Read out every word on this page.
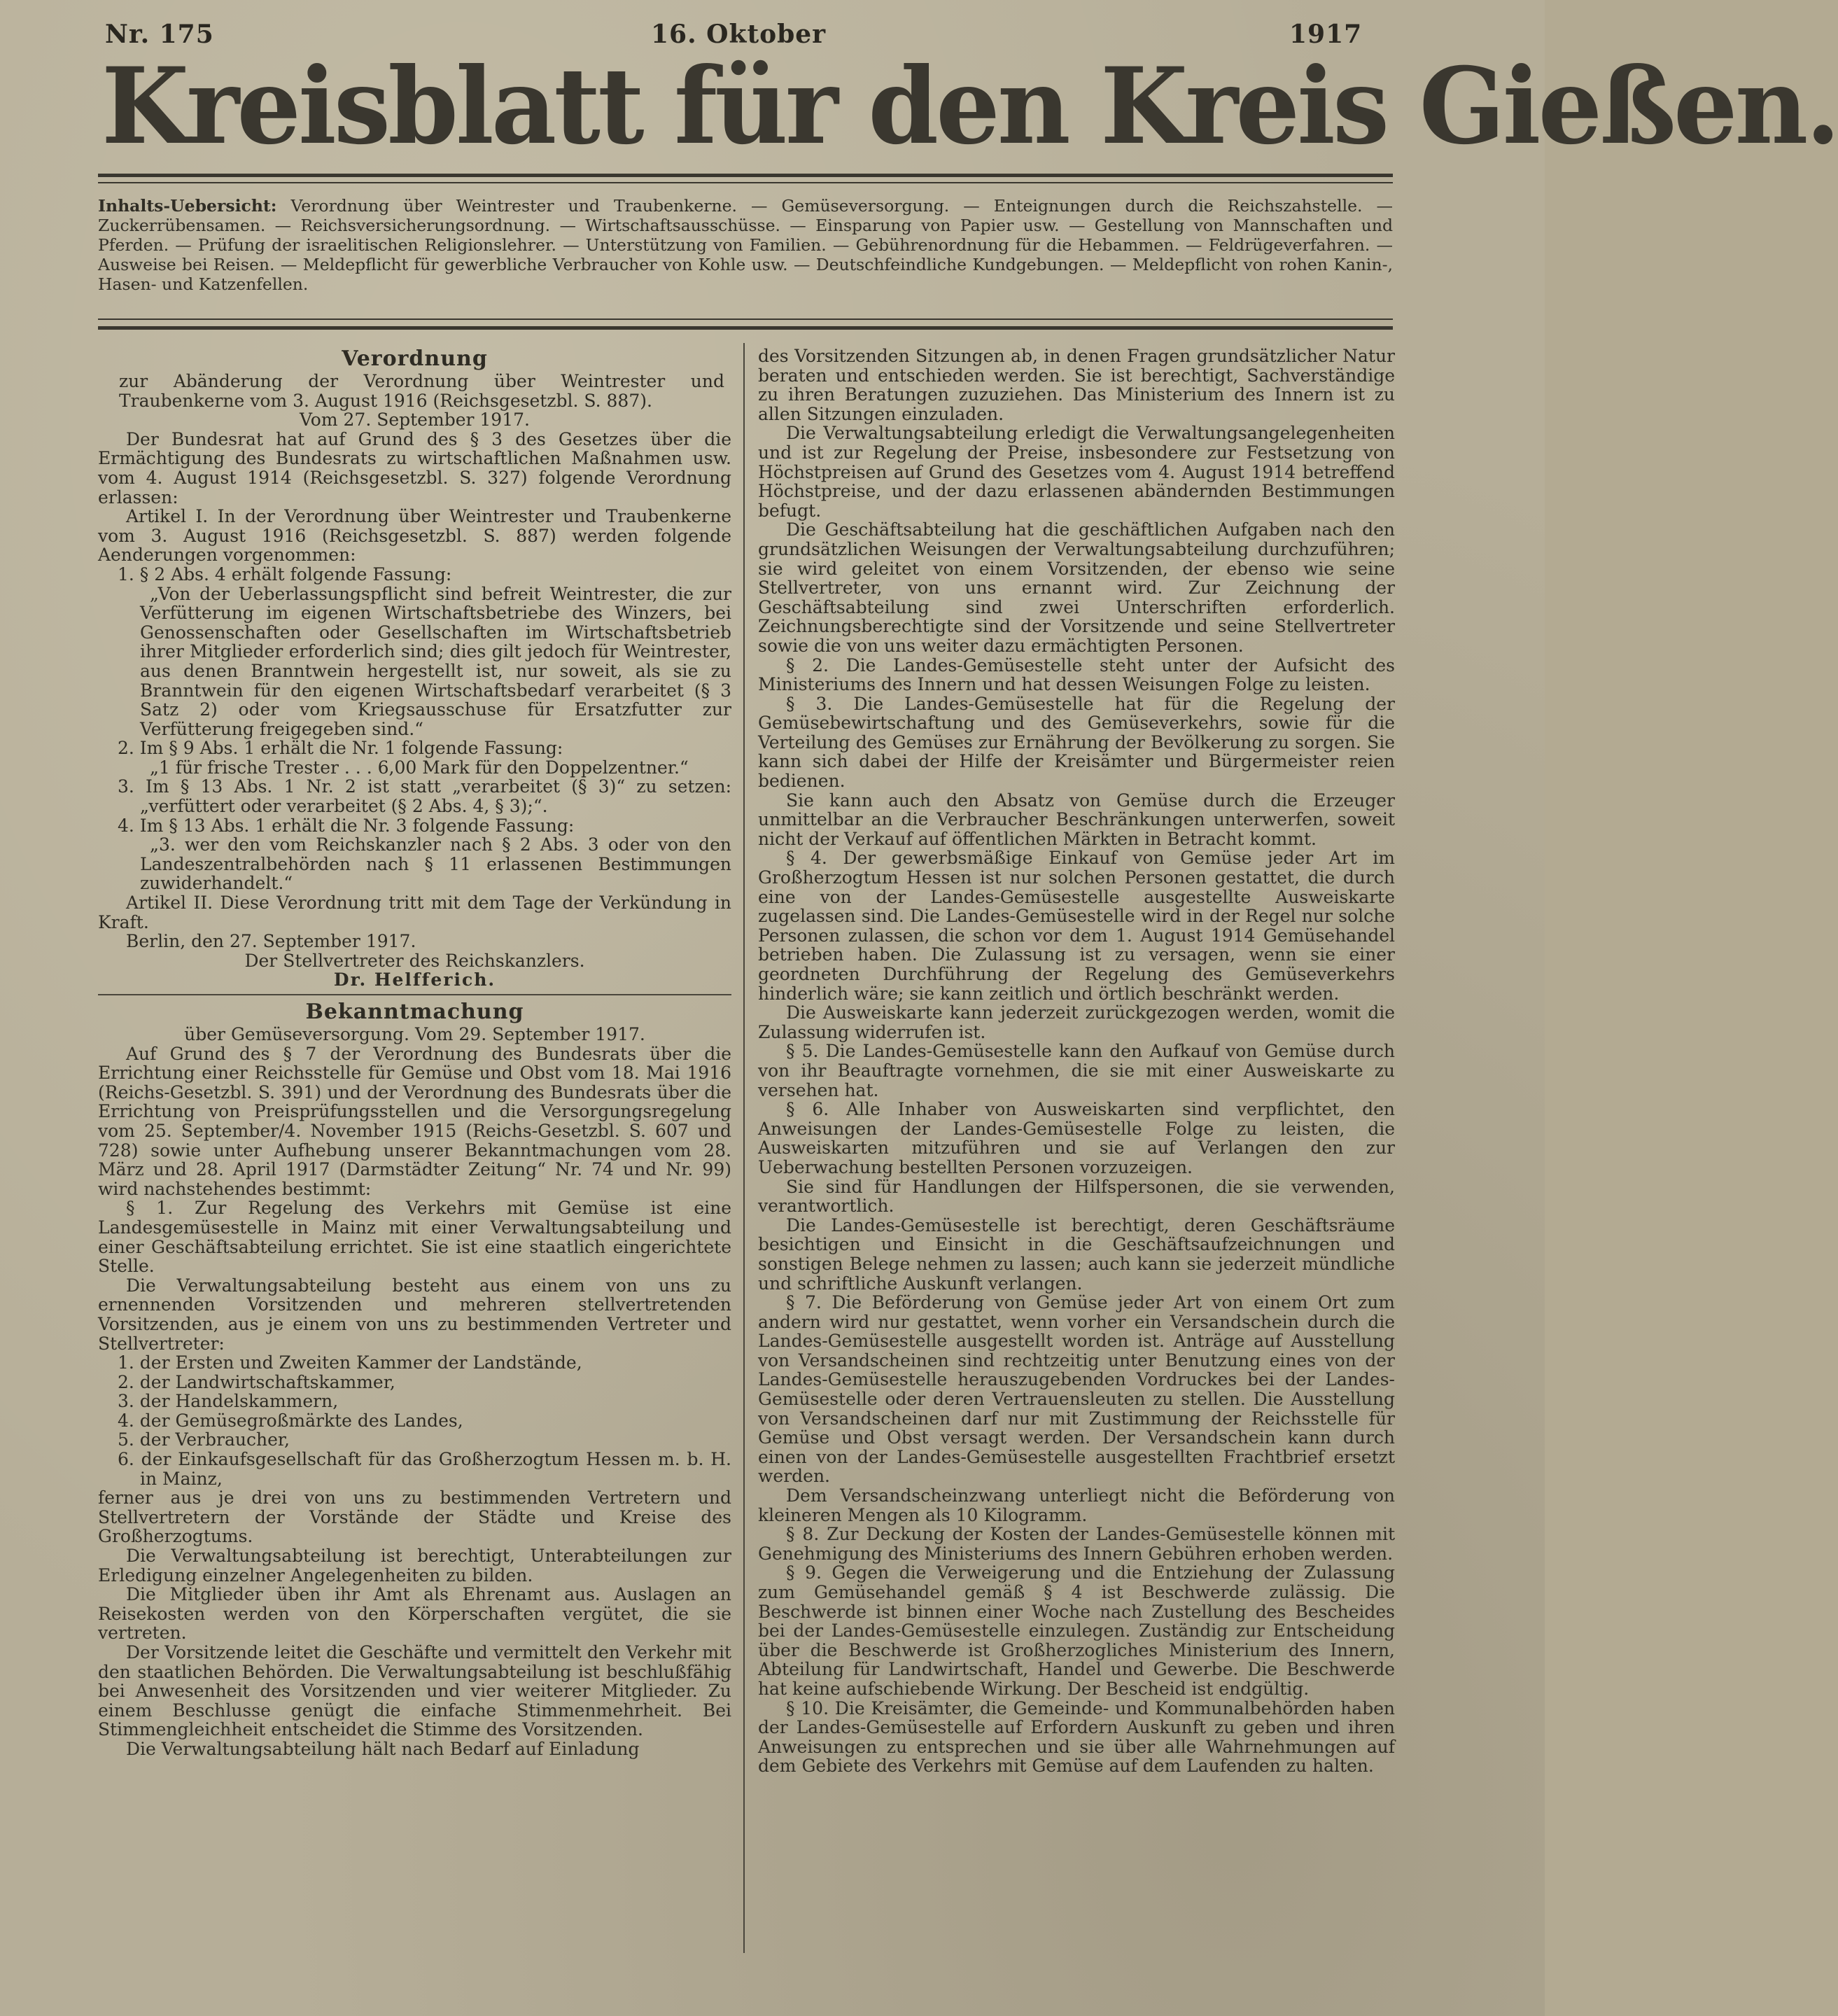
Nr. 175	16. Oktober	1917
Kreisblatt für den Kreis Gießen.
Inhalts-Uebersicht: Verordnung über Weintrester und Traubenkerne. — Gemüseversorgung. — Enteignungen durch die Reichszahstelle. — Zuckerrübensamen. — Reichsversicherungsordnung. — Wirtschaftsausschüsse. — Einsparung von Papier usw. — Gestellung von Mannschaften und Pferden. — Prüfung der israelitischen Religionslehrer. — Unterstützung von Familien. — Gebührenordnung für die Hebammen. — Feldrügeverfahren. — Ausweise bei Reisen. — Meldepflicht für gewerbliche Verbraucher von Kohle usw. — Deutschfeindliche Kundgebungen. — Meldepflicht von rohen Kanin-, Hasen- und Katzenfellen.

Verordnung

zur Abänderung der Verordnung über Weintrester und Traubenkerne vom 3. August 1916 (Reichsgesetzbl. S. 887).

Vom 27. September 1917.

Der Bundesrat hat auf Grund des § 3 des Gesetzes über die Ermächtigung des Bundesrats zu wirtschaftlichen Maßnahmen usw. vom 4. August 1914 (Reichsgesetzbl. S. 327) folgende Verordnung erlassen:

Artikel I. In der Verordnung über Weintrester und Traubenkerne vom 3. August 1916 (Reichsgesetzbl. S. 887) werden folgende Aenderungen vorgenommen:

1. § 2 Abs. 4 erhält folgende Fassung:

„Von der Ueberlassungspflicht sind befreit Weintrester, die zur Verfütterung im eigenen Wirtschaftsbetriebe des Winzers, bei Genossenschaften oder Gesellschaften im Wirtschaftsbetrieb ihrer Mitglieder erforderlich sind; dies gilt jedoch für Weintrester, aus denen Branntwein hergestellt ist, nur soweit, als sie zu Branntwein für den eigenen Wirtschaftsbedarf verarbeitet (§ 3 Satz 2) oder vom Kriegsausschuse für Ersatzfutter zur Verfütterung freigegeben sind.“

2. Im § 9 Abs. 1 erhält die Nr. 1 folgende Fassung:

„1 für frische Trester . . . 6,00 Mark für den Doppelzentner.“

3. Im § 13 Abs. 1 Nr. 2 ist statt „verarbeitet (§ 3)“ zu setzen: „verfüttert oder verarbeitet (§ 2 Abs. 4, § 3);“.

4. Im § 13 Abs. 1 erhält die Nr. 3 folgende Fassung:

„3. wer den vom Reichskanzler nach § 2 Abs. 3 oder von den Landeszentralbehörden nach § 11 erlassenen Bestimmungen zuwiderhandelt.“

Artikel II. Diese Verordnung tritt mit dem Tage der Verkündung in Kraft.

Berlin, den 27. September 1917.

Der Stellvertreter des Reichskanzlers.

Dr. Helfferich.

Bekanntmachung

über Gemüseversorgung. Vom 29. September 1917.

Auf Grund des § 7 der Verordnung des Bundesrats über die Errichtung einer Reichsstelle für Gemüse und Obst vom 18. Mai 1916 (Reichs-Gesetzbl. S. 391) und der Verordnung des Bundesrats über die Errichtung von Preisprüfungsstellen und die Versorgungsregelung vom 25. September/4. November 1915 (Reichs-Gesetzbl. S. 607 und 728) sowie unter Aufhebung unserer Bekanntmachungen vom 28. März und 28. April 1917 (Darmstädter Zeitung“ Nr. 74 und Nr. 99) wird nachstehendes bestimmt:

§ 1. Zur Regelung des Verkehrs mit Gemüse ist eine Landesgemüsestelle in Mainz mit einer Verwaltungsabteilung und einer Geschäftsabteilung errichtet. Sie ist eine staatlich eingerichtete Stelle.

Die Verwaltungsabteilung besteht aus einem von uns zu ernennenden Vorsitzenden und mehreren stellvertretenden Vorsitzenden, aus je einem von uns zu bestimmenden Vertreter und Stellvertreter:

1. der Ersten und Zweiten Kammer der Landstände,

2. der Landwirtschaftskammer,

3. der Handelskammern,

4. der Gemüsegroßmärkte des Landes,

5. der Verbraucher,

6. der Einkaufsgesellschaft für das Großherzogtum Hessen m. b. H. in Mainz,

ferner aus je drei von uns zu bestimmenden Vertretern und Stellvertretern der Vorstände der Städte und Kreise des Großherzogtums.

Die Verwaltungsabteilung ist berechtigt, Unterabteilungen zur Erledigung einzelner Angelegenheiten zu bilden.

Die Mitglieder üben ihr Amt als Ehrenamt aus. Auslagen an Reisekosten werden von den Körperschaften vergütet, die sie vertreten.

Der Vorsitzende leitet die Geschäfte und vermittelt den Verkehr mit den staatlichen Behörden. Die Verwaltungsabteilung ist beschlußfähig bei Anwesenheit des Vorsitzenden und vier weiterer Mitglieder. Zu einem Beschlusse genügt die einfache Stimmenmehrheit. Bei Stimmengleichheit entscheidet die Stimme des Vorsitzenden.

Die Verwaltungsabteilung hält nach Bedarf auf Einladung

des Vorsitzenden Sitzungen ab, in denen Fragen grundsätzlicher Natur beraten und entschieden werden. Sie ist berechtigt, Sachverständige zu ihren Beratungen zuzuziehen. Das Ministerium des Innern ist zu allen Sitzungen einzuladen.

Die Verwaltungsabteilung erledigt die Verwaltungsangelegenheiten und ist zur Regelung der Preise, insbesondere zur Festsetzung von Höchstpreisen auf Grund des Gesetzes vom 4. August 1914 betreffend Höchstpreise, und der dazu erlassenen abändernden Bestimmungen befugt.

Die Geschäftsabteilung hat die geschäftlichen Aufgaben nach den grundsätzlichen Weisungen der Verwaltungsabteilung durchzuführen; sie wird geleitet von einem Vorsitzenden, der ebenso wie seine Stellvertreter, von uns ernannt wird. Zur Zeichnung der Geschäftsabteilung sind zwei Unterschriften erforderlich. Zeichnungsberechtigte sind der Vorsitzende und seine Stellvertreter sowie die von uns weiter dazu ermächtigten Personen.

§ 2. Die Landes-Gemüsestelle steht unter der Aufsicht des Ministeriums des Innern und hat dessen Weisungen Folge zu leisten.

§ 3. Die Landes-Gemüsestelle hat für die Regelung der Gemüsebewirtschaftung und des Gemüseverkehrs, sowie für die Verteilung des Gemüses zur Ernährung der Bevölkerung zu sorgen. Sie kann sich dabei der Hilfe der Kreisämter und Bürgermeister reien bedienen.

Sie kann auch den Absatz von Gemüse durch die Erzeuger unmittelbar an die Verbraucher Beschränkungen unterwerfen, soweit nicht der Verkauf auf öffentlichen Märkten in Betracht kommt.

§ 4. Der gewerbsmäßige Einkauf von Gemüse jeder Art im Großherzogtum Hessen ist nur solchen Personen gestattet, die durch eine von der Landes-Gemüsestelle ausgestellte Ausweiskarte zugelassen sind. Die Landes-Gemüsestelle wird in der Regel nur solche Personen zulassen, die schon vor dem 1. August 1914 Gemüsehandel betrieben haben. Die Zulassung ist zu versagen, wenn sie einer geordneten Durchführung der Regelung des Gemüseverkehrs hinderlich wäre; sie kann zeitlich und örtlich beschränkt werden.

Die Ausweiskarte kann jederzeit zurückgezogen werden, womit die Zulassung widerrufen ist.

§ 5. Die Landes-Gemüsestelle kann den Aufkauf von Gemüse durch von ihr Beauftragte vornehmen, die sie mit einer Ausweiskarte zu versehen hat.

§ 6. Alle Inhaber von Ausweiskarten sind verpflichtet, den Anweisungen der Landes-Gemüsestelle Folge zu leisten, die Ausweiskarten mitzuführen und sie auf Verlangen den zur Ueberwachung bestellten Personen vorzuzeigen.

Sie sind für Handlungen der Hilfspersonen, die sie verwenden, verantwortlich.

Die Landes-Gemüsestelle ist berechtigt, deren Geschäftsräume besichtigen und Einsicht in die Geschäftsaufzeichnungen und sonstigen Belege nehmen zu lassen; auch kann sie jederzeit mündliche und schriftliche Auskunft verlangen.

§ 7. Die Beförderung von Gemüse jeder Art von einem Ort zum andern wird nur gestattet, wenn vorher ein Versandschein durch die Landes-Gemüsestelle ausgestellt worden ist. Anträge auf Ausstellung von Versandscheinen sind rechtzeitig unter Benutzung eines von der Landes-Gemüsestelle herauszugebenden Vordruckes bei der Landes-Gemüsestelle oder deren Vertrauensleuten zu stellen. Die Ausstellung von Versandscheinen darf nur mit Zustimmung der Reichsstelle für Gemüse und Obst versagt werden. Der Versandschein kann durch einen von der Landes-Gemüsestelle ausgestellten Frachtbrief ersetzt werden.

Dem Versandscheinzwang unterliegt nicht die Beförderung von kleineren Mengen als 10 Kilogramm.

§ 8. Zur Deckung der Kosten der Landes-Gemüsestelle können mit Genehmigung des Ministeriums des Innern Gebühren erhoben werden.

§ 9. Gegen die Verweigerung und die Entziehung der Zulassung zum Gemüsehandel gemäß § 4 ist Beschwerde zulässig. Die Beschwerde ist binnen einer Woche nach Zustellung des Bescheides bei der Landes-Gemüsestelle einzulegen. Zuständig zur Entscheidung über die Beschwerde ist Großherzogliches Ministerium des Innern, Abteilung für Landwirtschaft, Handel und Gewerbe. Die Beschwerde hat keine aufschiebende Wirkung. Der Bescheid ist endgültig.

§ 10. Die Kreisämter, die Gemeinde- und Kommunalbehörden haben der Landes-Gemüsestelle auf Erfordern Auskunft zu geben und ihren Anweisungen zu entsprechen und sie über alle Wahrnehmungen auf dem Gebiete des Verkehrs mit Gemüse auf dem Laufenden zu halten.
